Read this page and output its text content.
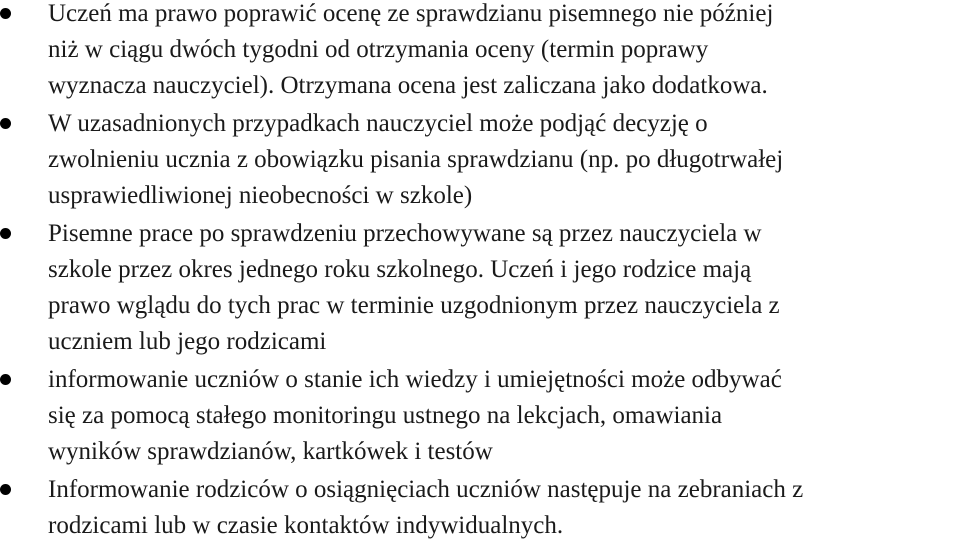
Uczeń ma prawo poprawić ocenę ze sprawdzianu pisemnego nie później
niż w ciągu dwóch tygodni od otrzymania oceny (termin poprawy
wyznacza nauczyciel). Otrzymana ocena jest zaliczana jako dodatkowa.
W uzasadnionych przypadkach nauczyciel może podjąć decyzję o
zwolnieniu ucznia z obowiązku pisania sprawdzianu (np. po długotrwałej
usprawiedliwionej nieobecności w szkole)
Pisemne prace po sprawdzeniu przechowywane są przez nauczyciela w
szkole przez okres jednego roku szkolnego. Uczeń i jego rodzice mają
prawo wglądu do tych prac w terminie uzgodnionym przez nauczyciela z
uczniem lub jego rodzicami
informowanie uczniów o stanie ich wiedzy i umiejętności może odbywać
się za pomocą stałego monitoringu ustnego na lekcjach, omawiania
wyników sprawdzianów, kartkówek i testów
Informowanie rodziców o osiągnięciach uczniów następuje na zebraniach z
rodzicami lub w czasie kontaktów indywidualnych.
